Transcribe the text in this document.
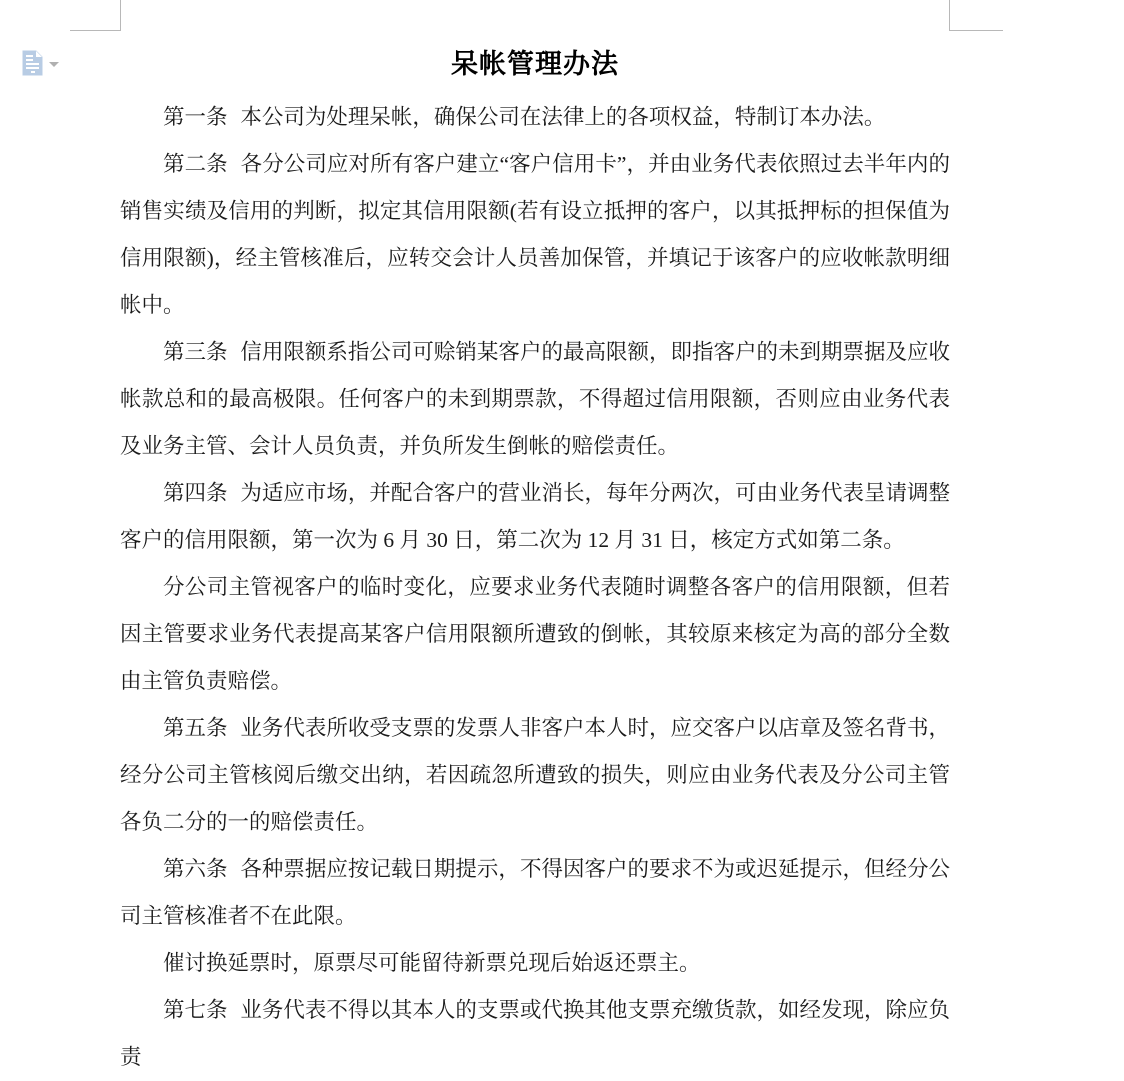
呆帐管理办法

第一条 本公司为处理呆帐，确保公司在法律上的各项权益，特制订本办法。

第二条 各分公司应对所有客户建立“客户信用卡”，并由业务代表依照过去半年内的销售实绩及信用的判断，拟定其信用限额(若有设立抵押的客户，以其抵押标的担保值为信用限额)，经主管核准后，应转交会计人员善加保管，并填记于该客户的应收帐款明细帐中。

第三条 信用限额系指公司可赊销某客户的最高限额，即指客户的未到期票据及应收帐款总和的最高极限。任何客户的未到期票款，不得超过信用限额，否则应由业务代表及业务主管、会计人员负责，并负所发生倒帐的赔偿责任。

第四条 为适应市场，并配合客户的营业消长，每年分两次，可由业务代表呈请调整客户的信用限额，第一次为 6 月 30 日，第二次为 12 月 31 日，核定方式如第二条。

分公司主管视客户的临时变化，应要求业务代表随时调整各客户的信用限额，但若因主管要求业务代表提高某客户信用限额所遭致的倒帐，其较原来核定为高的部分全数由主管负责赔偿。

第五条 业务代表所收受支票的发票人非客户本人时，应交客户以店章及签名背书，经分公司主管核阅后缴交出纳，若因疏忽所遭致的损失，则应由业务代表及分公司主管各负二分的一的赔偿责任。

第六条 各种票据应按记载日期提示，不得因客户的要求不为或迟延提示，但经分公司主管核准者不在此限。

催讨换延票时，原票尽可能留待新票兑现后始返还票主。

第七条 业务代表不得以其本人的支票或代换其他支票充缴货款，如经发现，除应负责
